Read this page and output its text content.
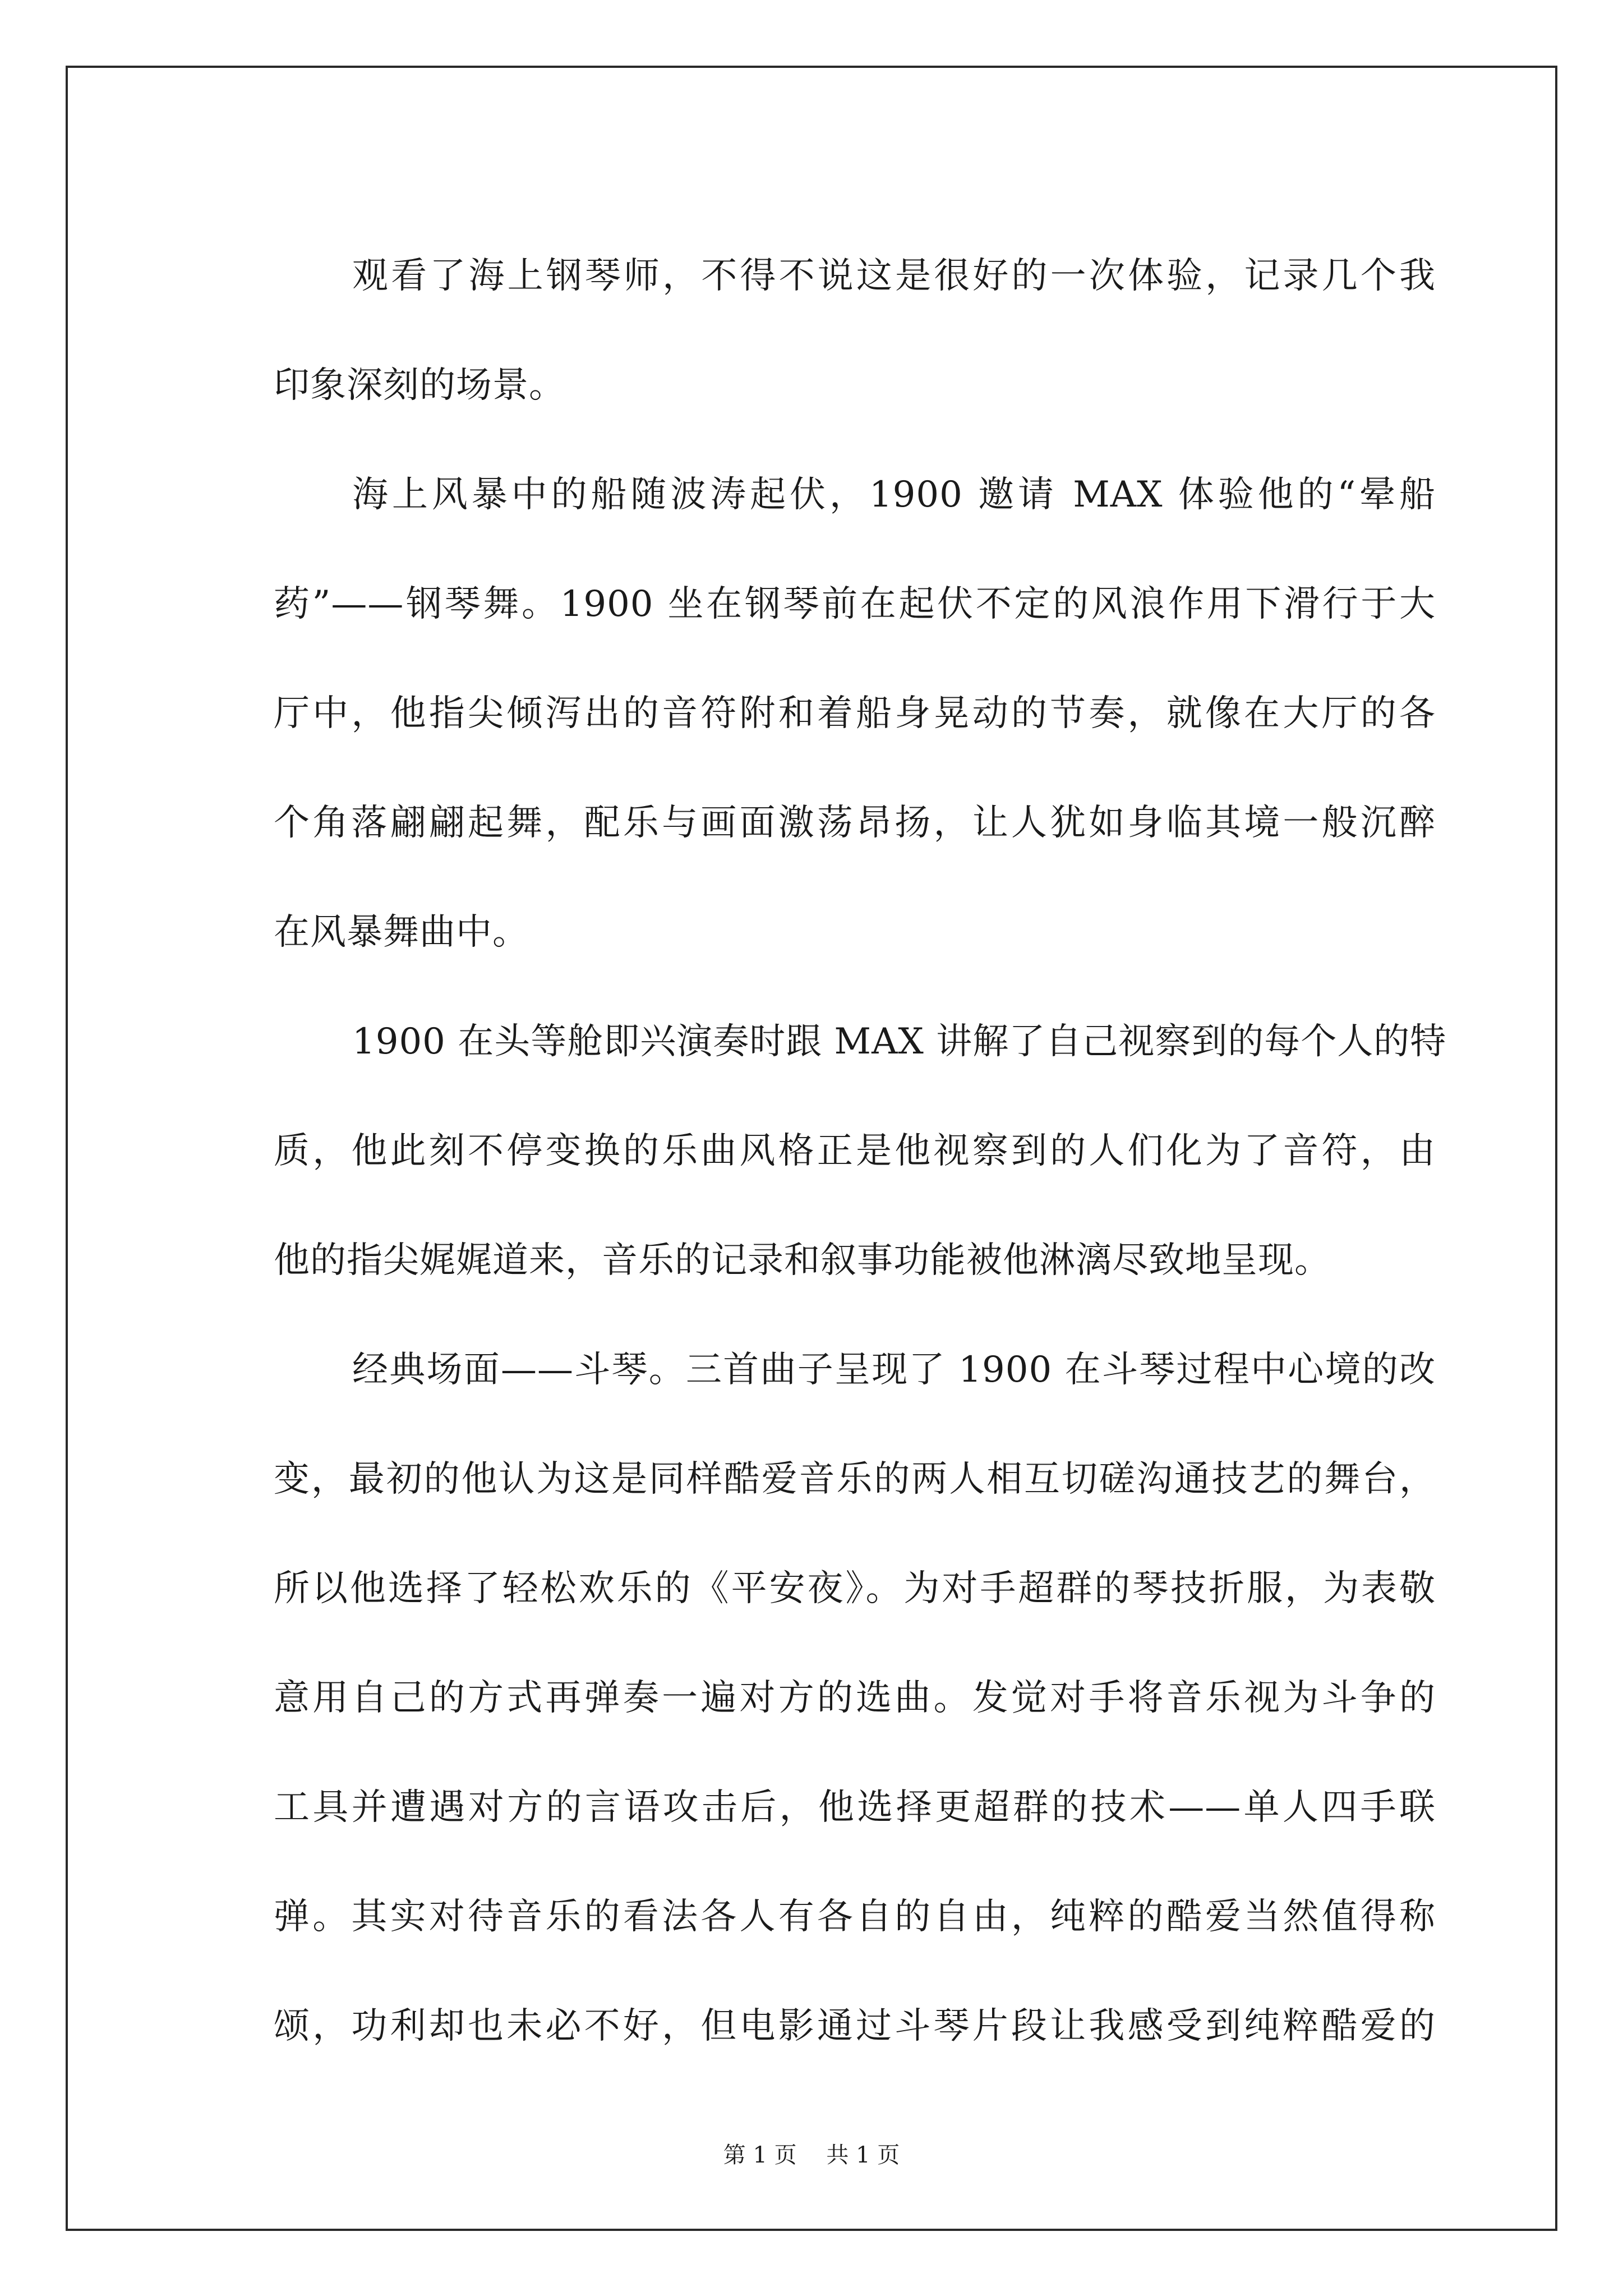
观看了海上钢琴师，不得不说这是很好的一次体验，记录几个我
印象深刻的场景。

海上风暴中的船随波涛起伏，1900 邀请 MAX 体验他的“晕船
药”——钢琴舞。1900 坐在钢琴前在起伏不定的风浪作用下滑行于大
厅中，他指尖倾泻出的音符附和着船身晃动的节奏，就像在大厅的各
个角落翩翩起舞，配乐与画面激荡昂扬，让人犹如身临其境一般沉醉
在风暴舞曲中。

1900 在头等舱即兴演奏时跟 MAX 讲解了自己视察到的每个人的特
质，他此刻不停变换的乐曲风格正是他视察到的人们化为了音符，由
他的指尖娓娓道来，音乐的记录和叙事功能被他淋漓尽致地呈现。

经典场面——斗琴。三首曲子呈现了 1900 在斗琴过程中心境的改
变，最初的他认为这是同样酷爱音乐的两人相互切磋沟通技艺的舞台，
所以他选择了轻松欢乐的《平安夜》。为对手超群的琴技折服，为表敬
意用自己的方式再弹奏一遍对方的选曲。发觉对手将音乐视为斗争的
工具并遭遇对方的言语攻击后，他选择更超群的技术——单人四手联
弹。其实对待音乐的看法各人有各自的自由，纯粹的酷爱当然值得称
颂，功利却也未必不好，但电影通过斗琴片段让我感受到纯粹酷爱的

第 1 页 共 1 页
